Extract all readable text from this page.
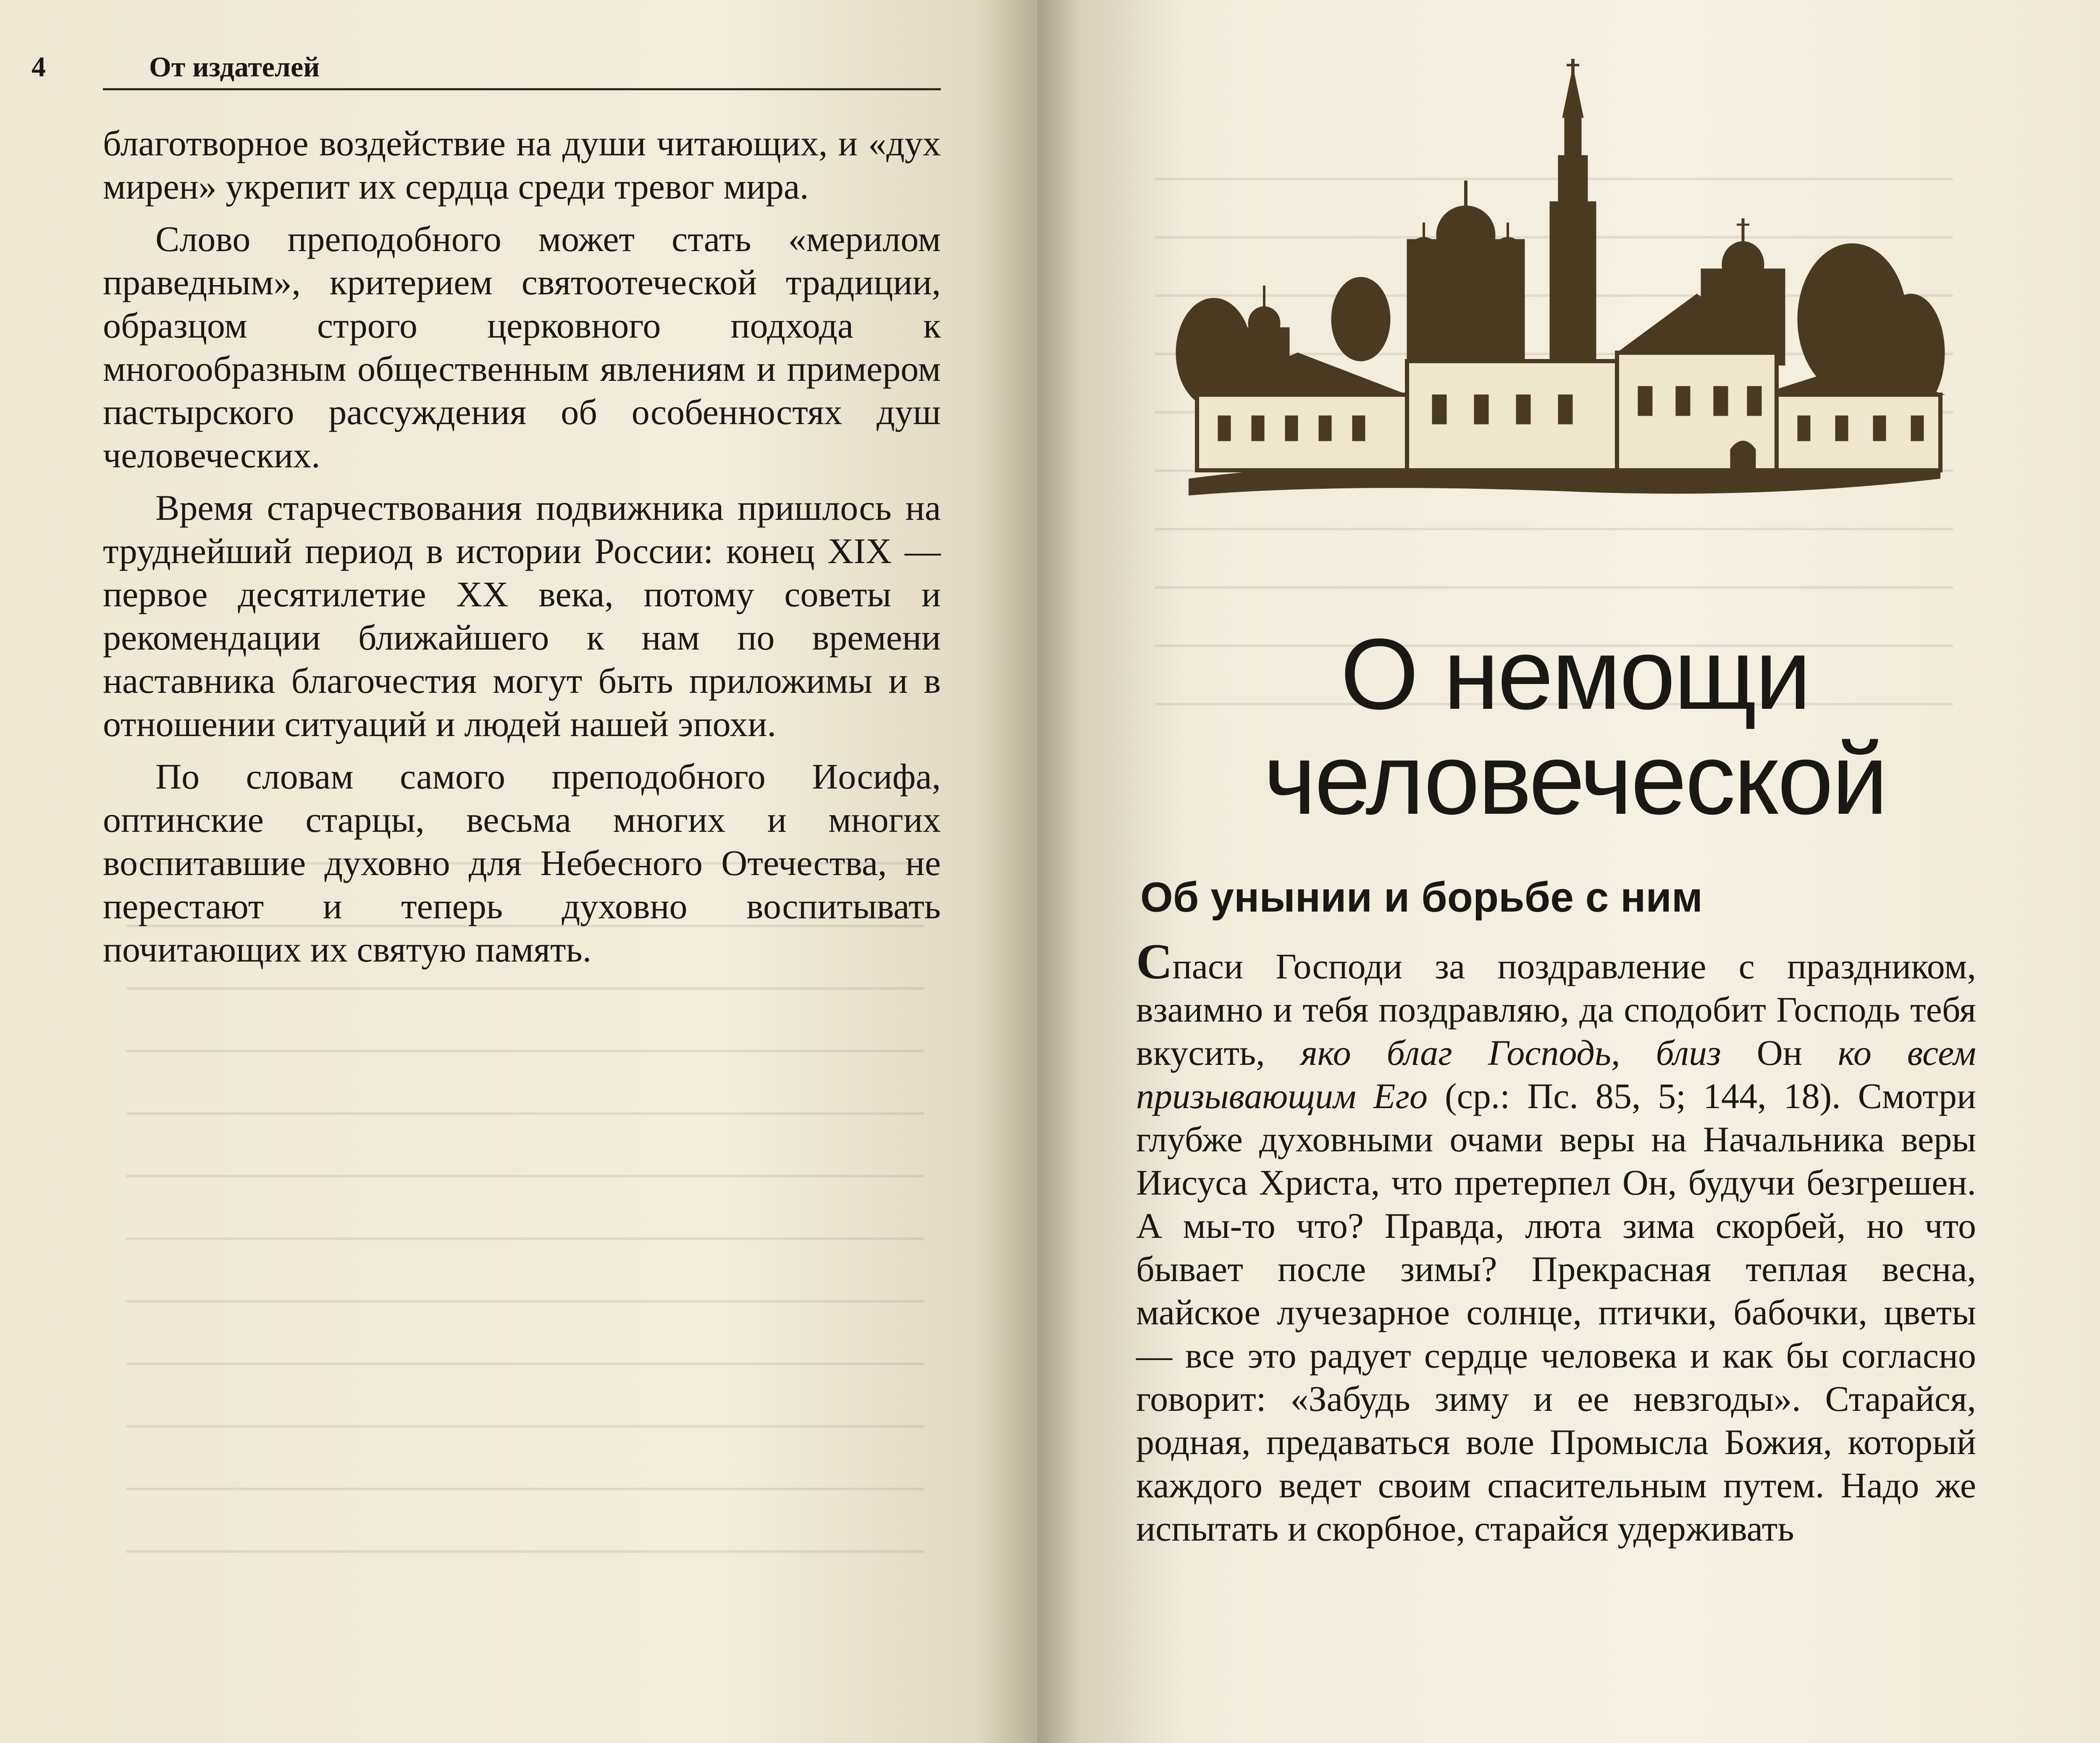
4	От издателей

благотворное воздействие на души читающих, и «дух мирен» укрепит их сердца среди тревог мира.

Слово преподобного может стать «мерилом праведным», критерием святоотеческой традиции, образцом строго церковного подхода к многообразным общественным явлениям и примером пастырского рассуждения об особенностях душ человеческих.

Время старчествования подвижника пришлось на труднейший период в истории России: конец XIX — первое десятилетие XX века, потому советы и рекомендации ближайшего к нам по времени наставника благочестия могут быть приложимы и в отношении ситуаций и людей нашей эпохи.

По словам самого преподобного Иосифа, оптинские старцы, весьма многих и многих воспитавшие духовно для Небесного Отечества, не перестают и теперь духовно воспитывать почитающих их святую память.

О немощи
человеческой
Об унынии и борьбе с ним

Спаси Господи за поздравление с праздником, взаимно и тебя поздравляю, да сподобит Господь тебя вкусить, яко благ Господь, близ Он ко всем призывающим Его (ср.: Пс. 85, 5; 144, 18). Смотри глубже духовными очами веры на Начальника веры Иисуса Христа, что претерпел Он, будучи безгрешен. А мы-то что? Правда, люта зима скорбей, но что бывает после зимы? Прекрасная теплая весна, майское лучезарное солнце, птички, бабочки, цветы — все это радует сердце человека и как бы согласно говорит: «Забудь зиму и ее невзгоды». Старайся, родная, предаваться воле Промысла Божия, который каждого ведет своим спасительным путем. Надо же испытать и скорбное, старайся удерживать
